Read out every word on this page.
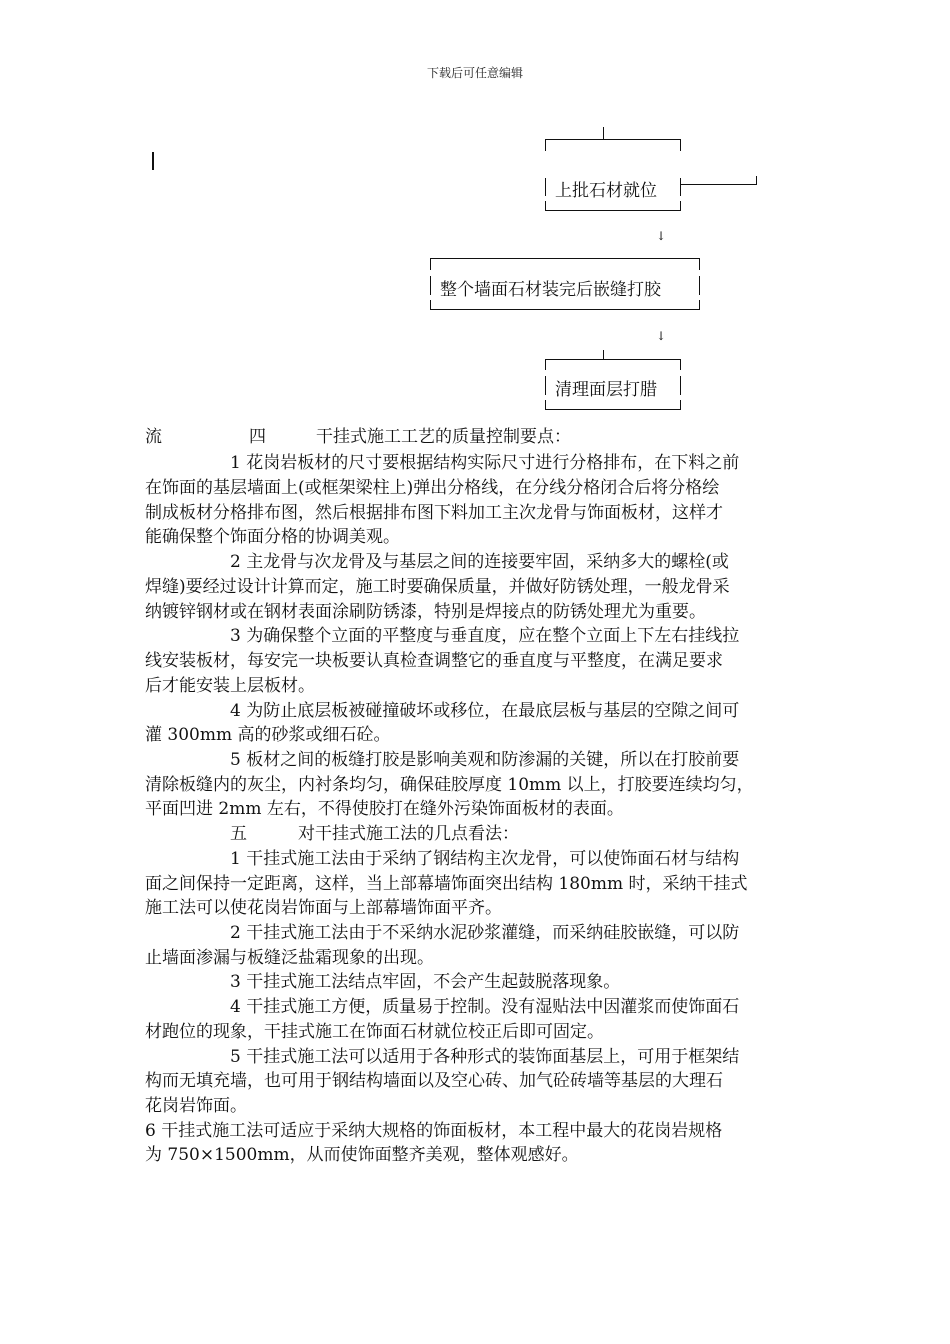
下载后可任意编辑
上批石材就位
↓
整个墙面石材装完后嵌缝打胶
↓
清理面层打腊
流	四	干挂式施工工艺的质量控制要点：
1 花岗岩板材的尺寸要根据结构实际尺寸进行分格排布，在下料之前
在饰面的基层墙面上(或框架梁柱上)弹出分格线，在分线分格闭合后将分格绘
制成板材分格排布图，然后根据排布图下料加工主次龙骨与饰面板材，这样才
能确保整个饰面分格的协调美观。
2 主龙骨与次龙骨及与基层之间的连接要牢固，采纳多大的螺栓(或
焊缝)要经过设计计算而定，施工时要确保质量，并做好防锈处理，一般龙骨采
纳镀锌钢材或在钢材表面涂刷防锈漆，特别是焊接点的防锈处理尤为重要。
3 为确保整个立面的平整度与垂直度，应在整个立面上下左右挂线拉
线安装板材，每安完一块板要认真检查调整它的垂直度与平整度，在满足要求
后才能安装上层板材。
4 为防止底层板被碰撞破坏或移位，在最底层板与基层的空隙之间可
灌 300mm 高的砂浆或细石砼。
5 板材之间的板缝打胶是影响美观和防渗漏的关键，所以在打胶前要
清除板缝内的灰尘，内衬条均匀，确保硅胶厚度 10mm 以上，打胶要连续均匀，
平面凹进 2mm 左右，不得使胶打在缝外污染饰面板材的表面。
五	对干挂式施工法的几点看法：
1 干挂式施工法由于采纳了钢结构主次龙骨，可以使饰面石材与结构
面之间保持一定距离，这样，当上部幕墙饰面突出结构 180mm 时，采纳干挂式
施工法可以使花岗岩饰面与上部幕墙饰面平齐。
2 干挂式施工法由于不采纳水泥砂浆灌缝，而采纳硅胶嵌缝，可以防
止墙面渗漏与板缝泛盐霜现象的出现。
3 干挂式施工法结点牢固，不会产生起鼓脱落现象。
4 干挂式施工方便，质量易于控制。没有湿贴法中因灌浆而使饰面石
材跑位的现象，干挂式施工在饰面石材就位校正后即可固定。
5 干挂式施工法可以适用于各种形式的装饰面基层上，可用于框架结
构而无填充墙，也可用于钢结构墙面以及空心砖、加气砼砖墙等基层的大理石
花岗岩饰面。
6 干挂式施工法可适应于采纳大规格的饰面板材，本工程中最大的花岗岩规格
为 750×1500mm，从而使饰面整齐美观，整体观感好。
